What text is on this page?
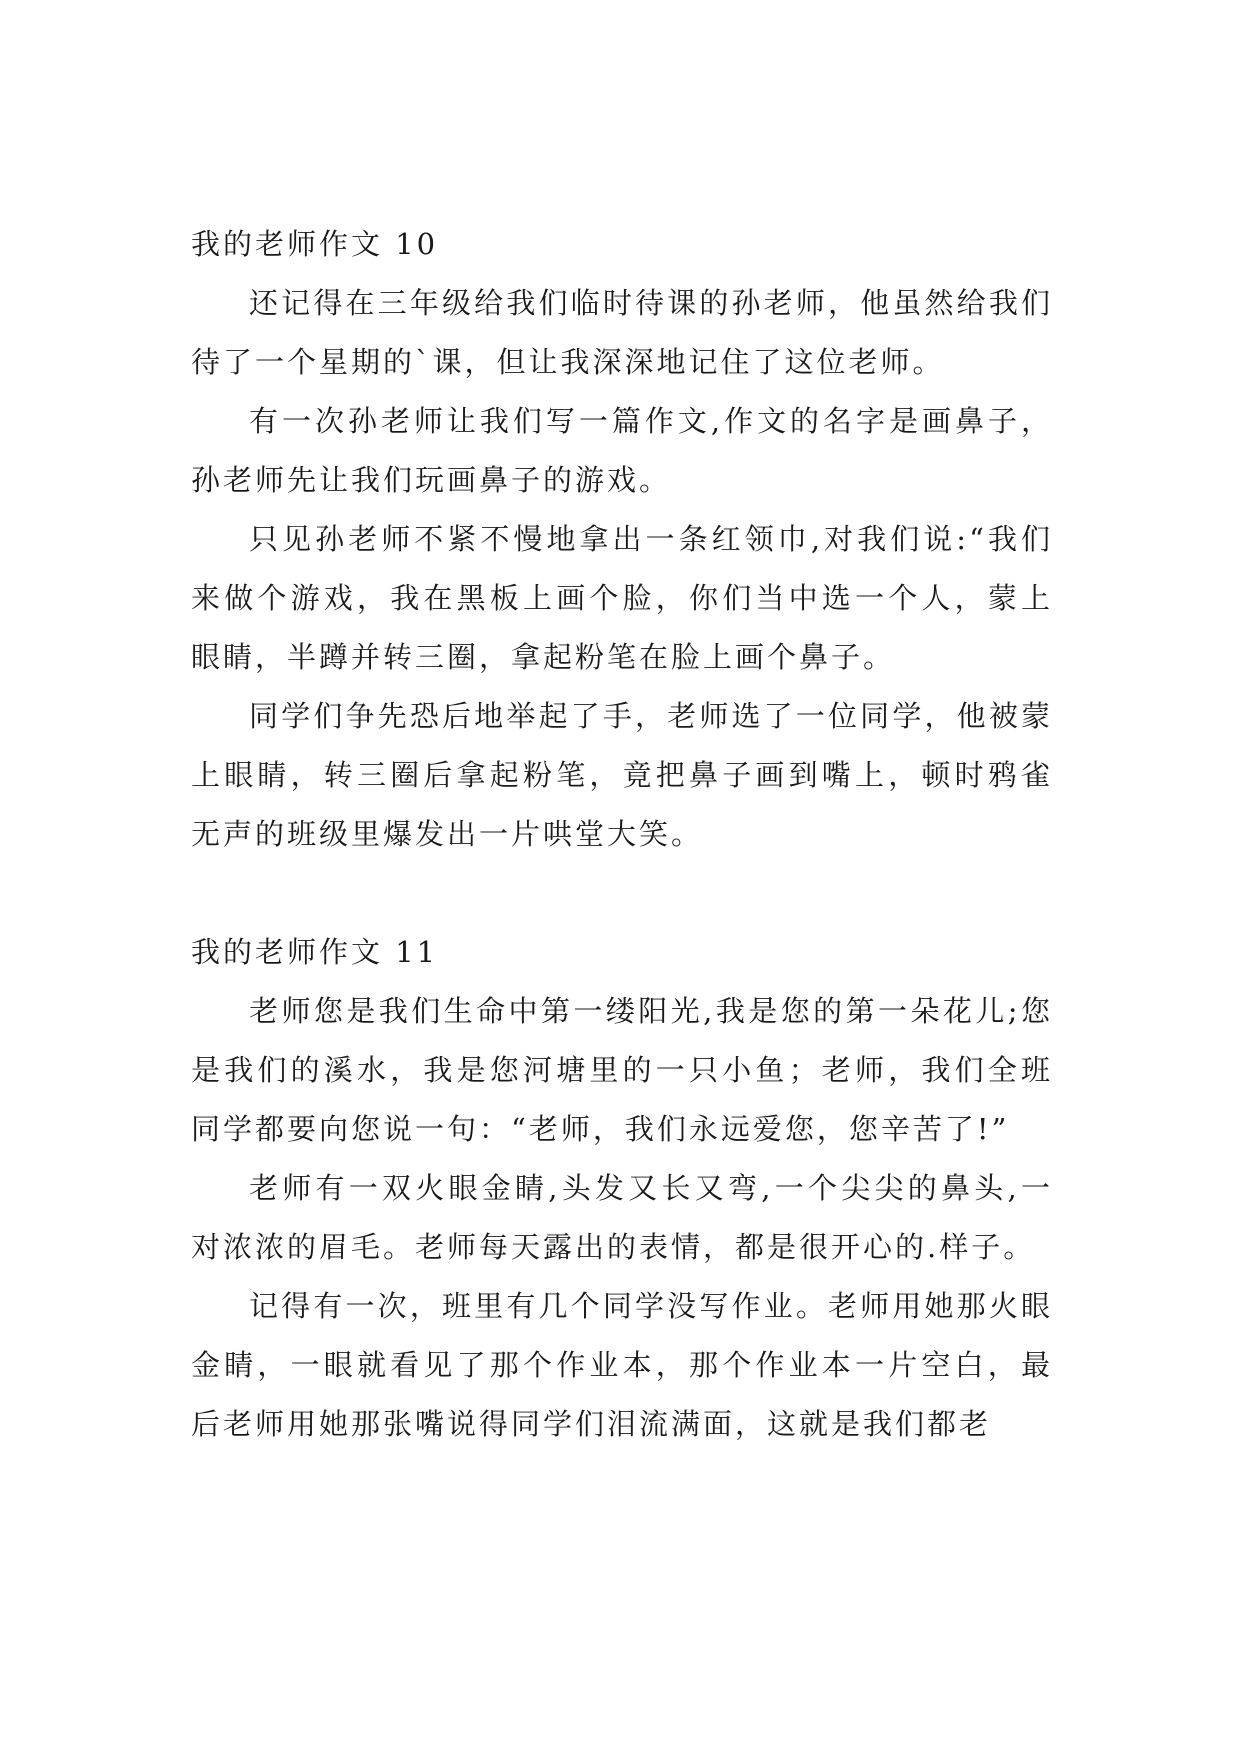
我的老师作文 10

还记得在三年级给我们临时待课的孙老师，他虽然给我们待了一个星期的`课，但让我深深地记住了这位老师。

有一次孙老师让我们写一篇作文,作文的名字是画鼻子，孙老师先让我们玩画鼻子的游戏。

只见孙老师不紧不慢地拿出一条红领巾,对我们说:“我们来做个游戏，我在黑板上画个脸，你们当中选一个人，蒙上眼睛，半蹲并转三圈，拿起粉笔在脸上画个鼻子。

同学们争先恐后地举起了手，老师选了一位同学，他被蒙上眼睛，转三圈后拿起粉笔，竟把鼻子画到嘴上，顿时鸦雀无声的班级里爆发出一片哄堂大笑。

我的老师作文 11

老师您是我们生命中第一缕阳光,我是您的第一朵花儿;您是我们的溪水，我是您河塘里的一只小鱼；老师，我们全班同学都要向您说一句：“老师，我们永远爱您，您辛苦了!”

老师有一双火眼金睛,头发又长又弯,一个尖尖的鼻头,一对浓浓的眉毛。老师每天露出的表情，都是很开心的.样子。

记得有一次，班里有几个同学没写作业。老师用她那火眼金睛，一眼就看见了那个作业本，那个作业本一片空白，最后老师用她那张嘴说得同学们泪流满面，这就是我们都老
